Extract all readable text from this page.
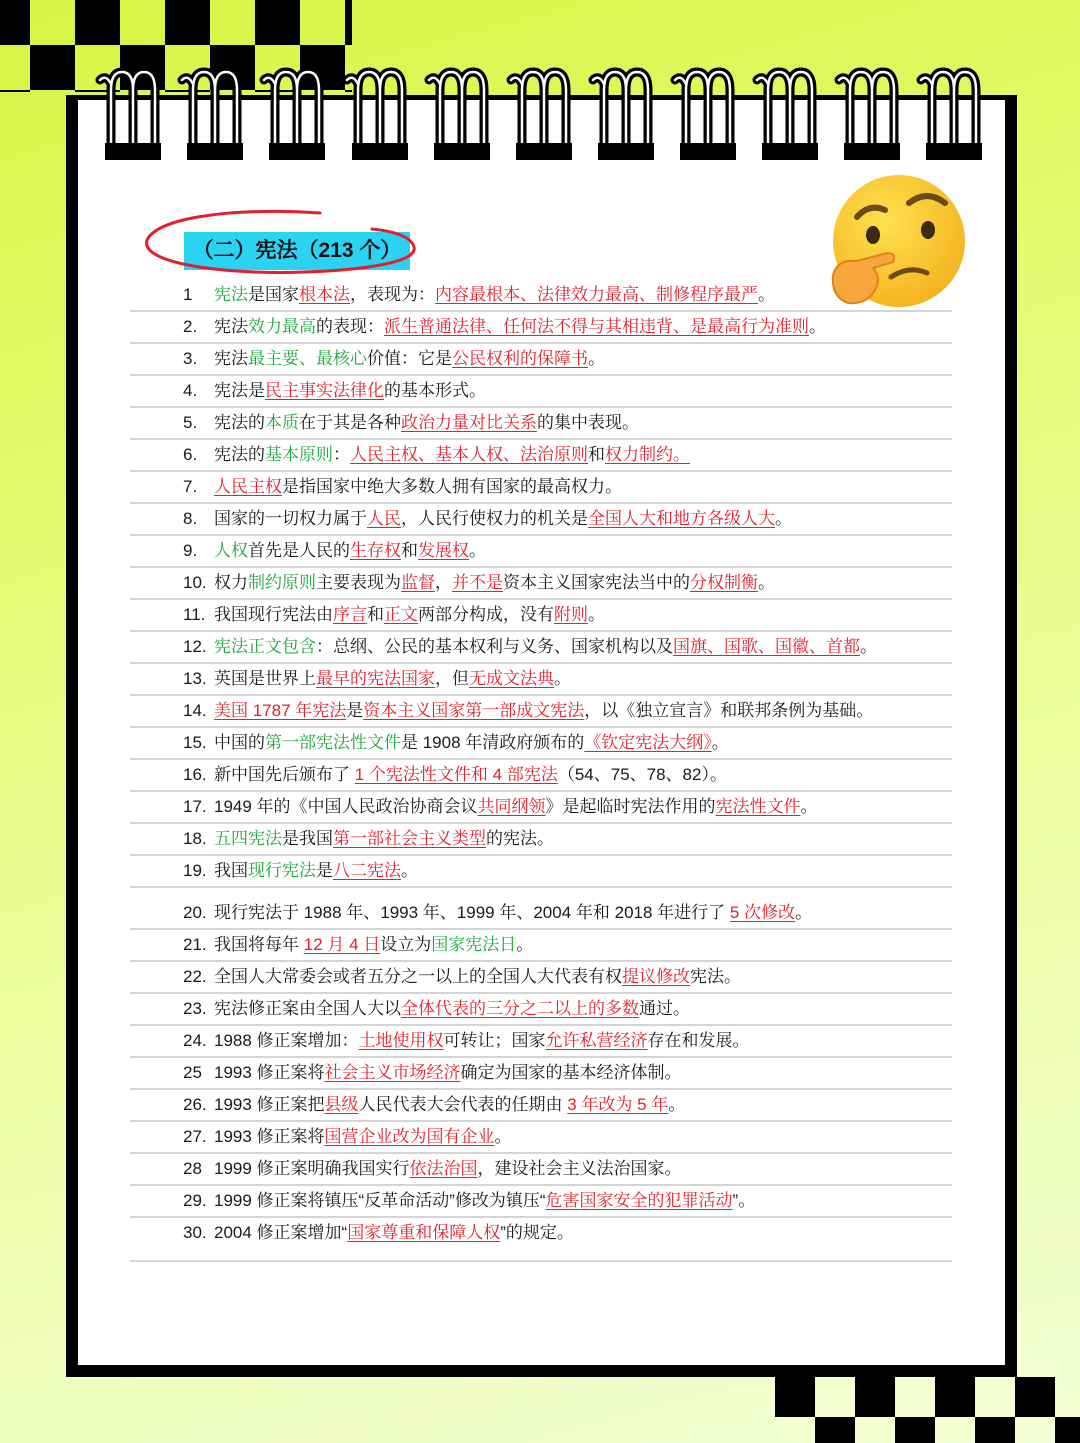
（二）宪法（213 个）
1	宪法是国家根本法，表现为：内容最根本、法律效力最高、制修程序最严。
2. 宪法效力最高的表现：派生普通法律、任何法不得与其相违背、是最高行为准则。
3. 宪法最主要、最核心价值：它是公民权利的保障书。
4. 宪法是民主事实法律化的基本形式。
5. 宪法的本质在于其是各种政治力量对比关系的集中表现。
6. 宪法的基本原则：人民主权、基本人权、法治原则和权力制约。
7. 人民主权是指国家中绝大多数人拥有国家的最高权力。
8. 国家的一切权力属于人民，人民行使权力的机关是全国人大和地方各级人大。
9. 人权首先是人民的生存权和发展权。
10. 权力制约原则主要表现为监督，并不是资本主义国家宪法当中的分权制衡。
11. 我国现行宪法由序言和正文两部分构成，没有附则。
12. 宪法正文包含：总纲、公民的基本权利与义务、国家机构以及国旗、国歌、国徽、首都。
13. 英国是世界上最早的宪法国家，但无成文法典。
14. 美国 1787 年宪法是资本主义国家第一部成文宪法，以《独立宣言》和联邦条例为基础。
15. 中国的第一部宪法性文件是 1908 年清政府颁布的《钦定宪法大纲》。
16. 新中国先后颁布了 1 个宪法性文件和 4 部宪法（54、75、78、82）。
17. 1949 年的《中国人民政治协商会议共同纲领》是起临时宪法作用的宪法性文件。
18. 五四宪法是我国第一部社会主义类型的宪法。
19. 我国现行宪法是八二宪法。
20. 现行宪法于 1988 年、1993 年、1999 年、2004 年和 2018 年进行了 5 次修改。
21. 我国将每年 12 月 4 日设立为国家宪法日。
22. 全国人大常委会或者五分之一以上的全国人大代表有权提议修改宪法。
23. 宪法修正案由全国人大以全体代表的三分之二以上的多数通过。
24. 1988 修正案增加：土地使用权可转让；国家允许私营经济存在和发展。
25 1993 修正案将社会主义市场经济确定为国家的基本经济体制。
26. 1993 修正案把县级人民代表大会代表的任期由 3 年改为 5 年。
27. 1993 修正案将国营企业改为国有企业。
28 1999 修正案明确我国实行依法治国，建设社会主义法治国家。
29. 1999 修正案将镇压“反革命活动”修改为镇压“危害国家安全的犯罪活动”。
30. 2004 修正案增加“国家尊重和保障人权”的规定。
